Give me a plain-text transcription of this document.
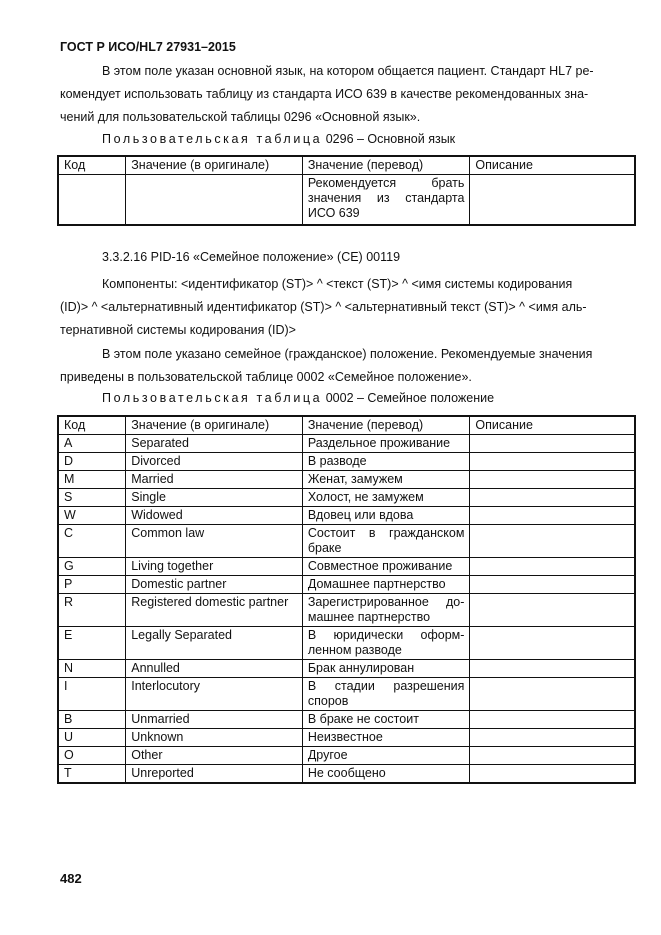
ГОСТ Р ИСО/HL7 27931–2015
В этом поле указан основной язык, на котором общается пациент. Стандарт HL7 ре-
комендует использовать таблицу из стандарта ИСО 639 в качестве рекомендованных зна-
чений для пользовательской таблицы 0296 «Основной язык».
Пользовательская таблица 0296 – Основной язык
Код	Значение (в оригинале)	Значение (перевод)	Описание
		Рекомендуется брать значения из стандарта ИСО 639	
3.3.2.16 PID-16 «Семейное положение» (CE) 00119
Компоненты: <идентификатор (ST)> ^ <текст (ST)> ^ <имя системы кодирования
(ID)> ^ <альтернативный идентификатор (ST)> ^ <альтернативный текст (ST)> ^ <имя аль-
тернативной системы кодирования (ID)>
В этом поле указано семейное (гражданское) положение. Рекомендуемые значения
приведены в пользовательской таблице 0002 «Семейное положение».
Пользовательская таблица 0002 – Семейное положение
Код	Значение (в оригинале)	Значение (перевод)	Описание
A	Separated	Раздельное проживание	
D	Divorced	В разводе	
M	Married	Женат, замужем	
S	Single	Холост, не замужем	
W	Widowed	Вдовец или вдова	
C	Common law	Состоит в гражданском браке	
G	Living together	Совместное проживание	
P	Domestic partner	Домашнее партнерство	
R	Registered domestic partner	Зарегистрированное до-машнее партнерство	
E	Legally Separated	В юридически оформ-ленном разводе	
N	Annulled	Брак аннулирован	
I	Interlocutory	В стадии разрешения споров	
B	Unmarried	В браке не состоит	
U	Unknown	Неизвестное	
O	Other	Другое	
T	Unreported	Не сообщено	
482
